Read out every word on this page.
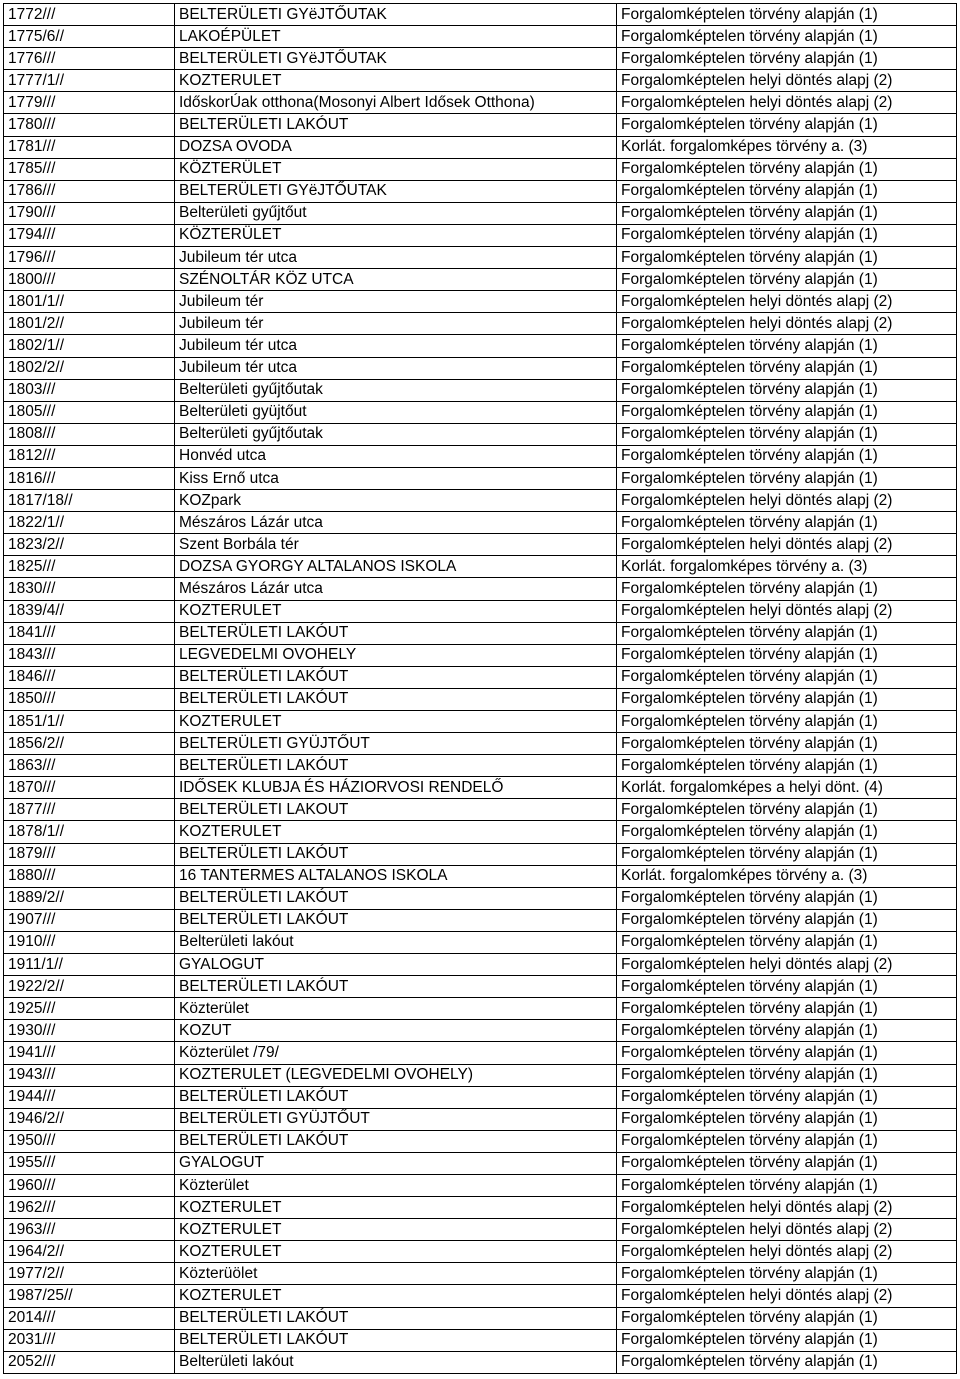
1772///	BELTERÜLETI GYëJTŐUTAK	Forgalomképtelen törvény alapján (1)
1775/6//	LAKOÉPÜLET	Forgalomképtelen törvény alapján (1)
1776///	BELTERÜLETI GYëJTŐUTAK	Forgalomképtelen törvény alapján (1)
1777/1//	KOZTERULET	Forgalomképtelen helyi döntés alapj (2)
1779///	IdőskorÚak otthona(Mosonyi Albert Idősek Otthona)	Forgalomképtelen helyi döntés alapj (2)
1780///	BELTERÜLETI LAKÓUT	Forgalomképtelen törvény alapján (1)
1781///	DOZSA OVODA	Korlát. forgalomképes törvény a. (3)
1785///	KÖZTERÜLET	Forgalomképtelen törvény alapján (1)
1786///	BELTERÜLETI GYëJTŐUTAK	Forgalomképtelen törvény alapján (1)
1790///	Belterületi gyűjtőut	Forgalomképtelen törvény alapján (1)
1794///	KÖZTERÜLET	Forgalomképtelen törvény alapján (1)
1796///	Jubileum tér utca	Forgalomképtelen törvény alapján (1)
1800///	SZÉNOLTÁR KÖZ UTCA	Forgalomképtelen törvény alapján (1)
1801/1//	Jubileum tér	Forgalomképtelen helyi döntés alapj (2)
1801/2//	Jubileum tér	Forgalomképtelen helyi döntés alapj (2)
1802/1//	Jubileum tér utca	Forgalomképtelen törvény alapján (1)
1802/2//	Jubileum tér utca	Forgalomképtelen törvény alapján (1)
1803///	Belterületi gyűjtőutak	Forgalomképtelen törvény alapján (1)
1805///	Belterületi gyüjtőut	Forgalomképtelen törvény alapján (1)
1808///	Belterületi gyűjtőutak	Forgalomképtelen törvény alapján (1)
1812///	Honvéd utca	Forgalomképtelen törvény alapján (1)
1816///	Kiss Ernő utca	Forgalomképtelen törvény alapján (1)
1817/18//	KOZpark	Forgalomképtelen helyi döntés alapj (2)
1822/1//	Mészáros Lázár utca	Forgalomképtelen törvény alapján (1)
1823/2//	Szent Borbála tér	Forgalomképtelen helyi döntés alapj (2)
1825///	DOZSA GYORGY ALTALANOS ISKOLA	Korlát. forgalomképes törvény a. (3)
1830///	Mészáros Lázár utca	Forgalomképtelen törvény alapján (1)
1839/4//	KOZTERULET	Forgalomképtelen helyi döntés alapj (2)
1841///	BELTERÜLETI LAKÓUT	Forgalomképtelen törvény alapján (1)
1843///	LEGVEDELMI OVOHELY	Forgalomképtelen törvény alapján (1)
1846///	BELTERÜLETI LAKÓUT	Forgalomképtelen törvény alapján (1)
1850///	BELTERÜLETI LAKÓUT	Forgalomképtelen törvény alapján (1)
1851/1//	KOZTERULET	Forgalomképtelen törvény alapján (1)
1856/2//	BELTERÜLETI GYÜJTŐUT	Forgalomképtelen törvény alapján (1)
1863///	BELTERÜLETI LAKÓUT	Forgalomképtelen törvény alapján (1)
1870///	IDŐSEK KLUBJA ÉS HÁZIORVOSI RENDELŐ	Korlát. forgalomképes a helyi dönt. (4)
1877///	BELTERÜLETI LAKOUT	Forgalomképtelen törvény alapján (1)
1878/1//	KOZTERULET	Forgalomképtelen törvény alapján (1)
1879///	BELTERÜLETI LAKÓUT	Forgalomképtelen törvény alapján (1)
1880///	16 TANTERMES ALTALANOS ISKOLA	Korlát. forgalomképes törvény a. (3)
1889/2//	BELTERÜLETI LAKÓUT	Forgalomképtelen törvény alapján (1)
1907///	BELTERÜLETI LAKÓUT	Forgalomképtelen törvény alapján (1)
1910///	Belterületi lakóut	Forgalomképtelen törvény alapján (1)
1911/1//	GYALOGUT	Forgalomképtelen helyi döntés alapj (2)
1922/2//	BELTERÜLETI LAKÓUT	Forgalomképtelen törvény alapján (1)
1925///	Közterület	Forgalomképtelen törvény alapján (1)
1930///	KOZUT	Forgalomképtelen törvény alapján (1)
1941///	Közterület /79/	Forgalomképtelen törvény alapján (1)
1943///	KOZTERULET (LEGVEDELMI OVOHELY)	Forgalomképtelen törvény alapján (1)
1944///	BELTERÜLETI LAKÓUT	Forgalomképtelen törvény alapján (1)
1946/2//	BELTERÜLETI GYÜJTŐUT	Forgalomképtelen törvény alapján (1)
1950///	BELTERÜLETI LAKÓUT	Forgalomképtelen törvény alapján (1)
1955///	GYALOGUT	Forgalomképtelen törvény alapján (1)
1960///	Közterület	Forgalomképtelen törvény alapján (1)
1962///	KOZTERULET	Forgalomképtelen helyi döntés alapj (2)
1963///	KOZTERULET	Forgalomképtelen helyi döntés alapj (2)
1964/2//	KOZTERULET	Forgalomképtelen helyi döntés alapj (2)
1977/2//	Közterüölet	Forgalomképtelen törvény alapján (1)
1987/25//	KOZTERULET	Forgalomképtelen helyi döntés alapj (2)
2014///	BELTERÜLETI LAKÓUT	Forgalomképtelen törvény alapján (1)
2031///	BELTERÜLETI LAKÓUT	Forgalomképtelen törvény alapján (1)
2052///	Belterületi lakóut	Forgalomképtelen törvény alapján (1)
